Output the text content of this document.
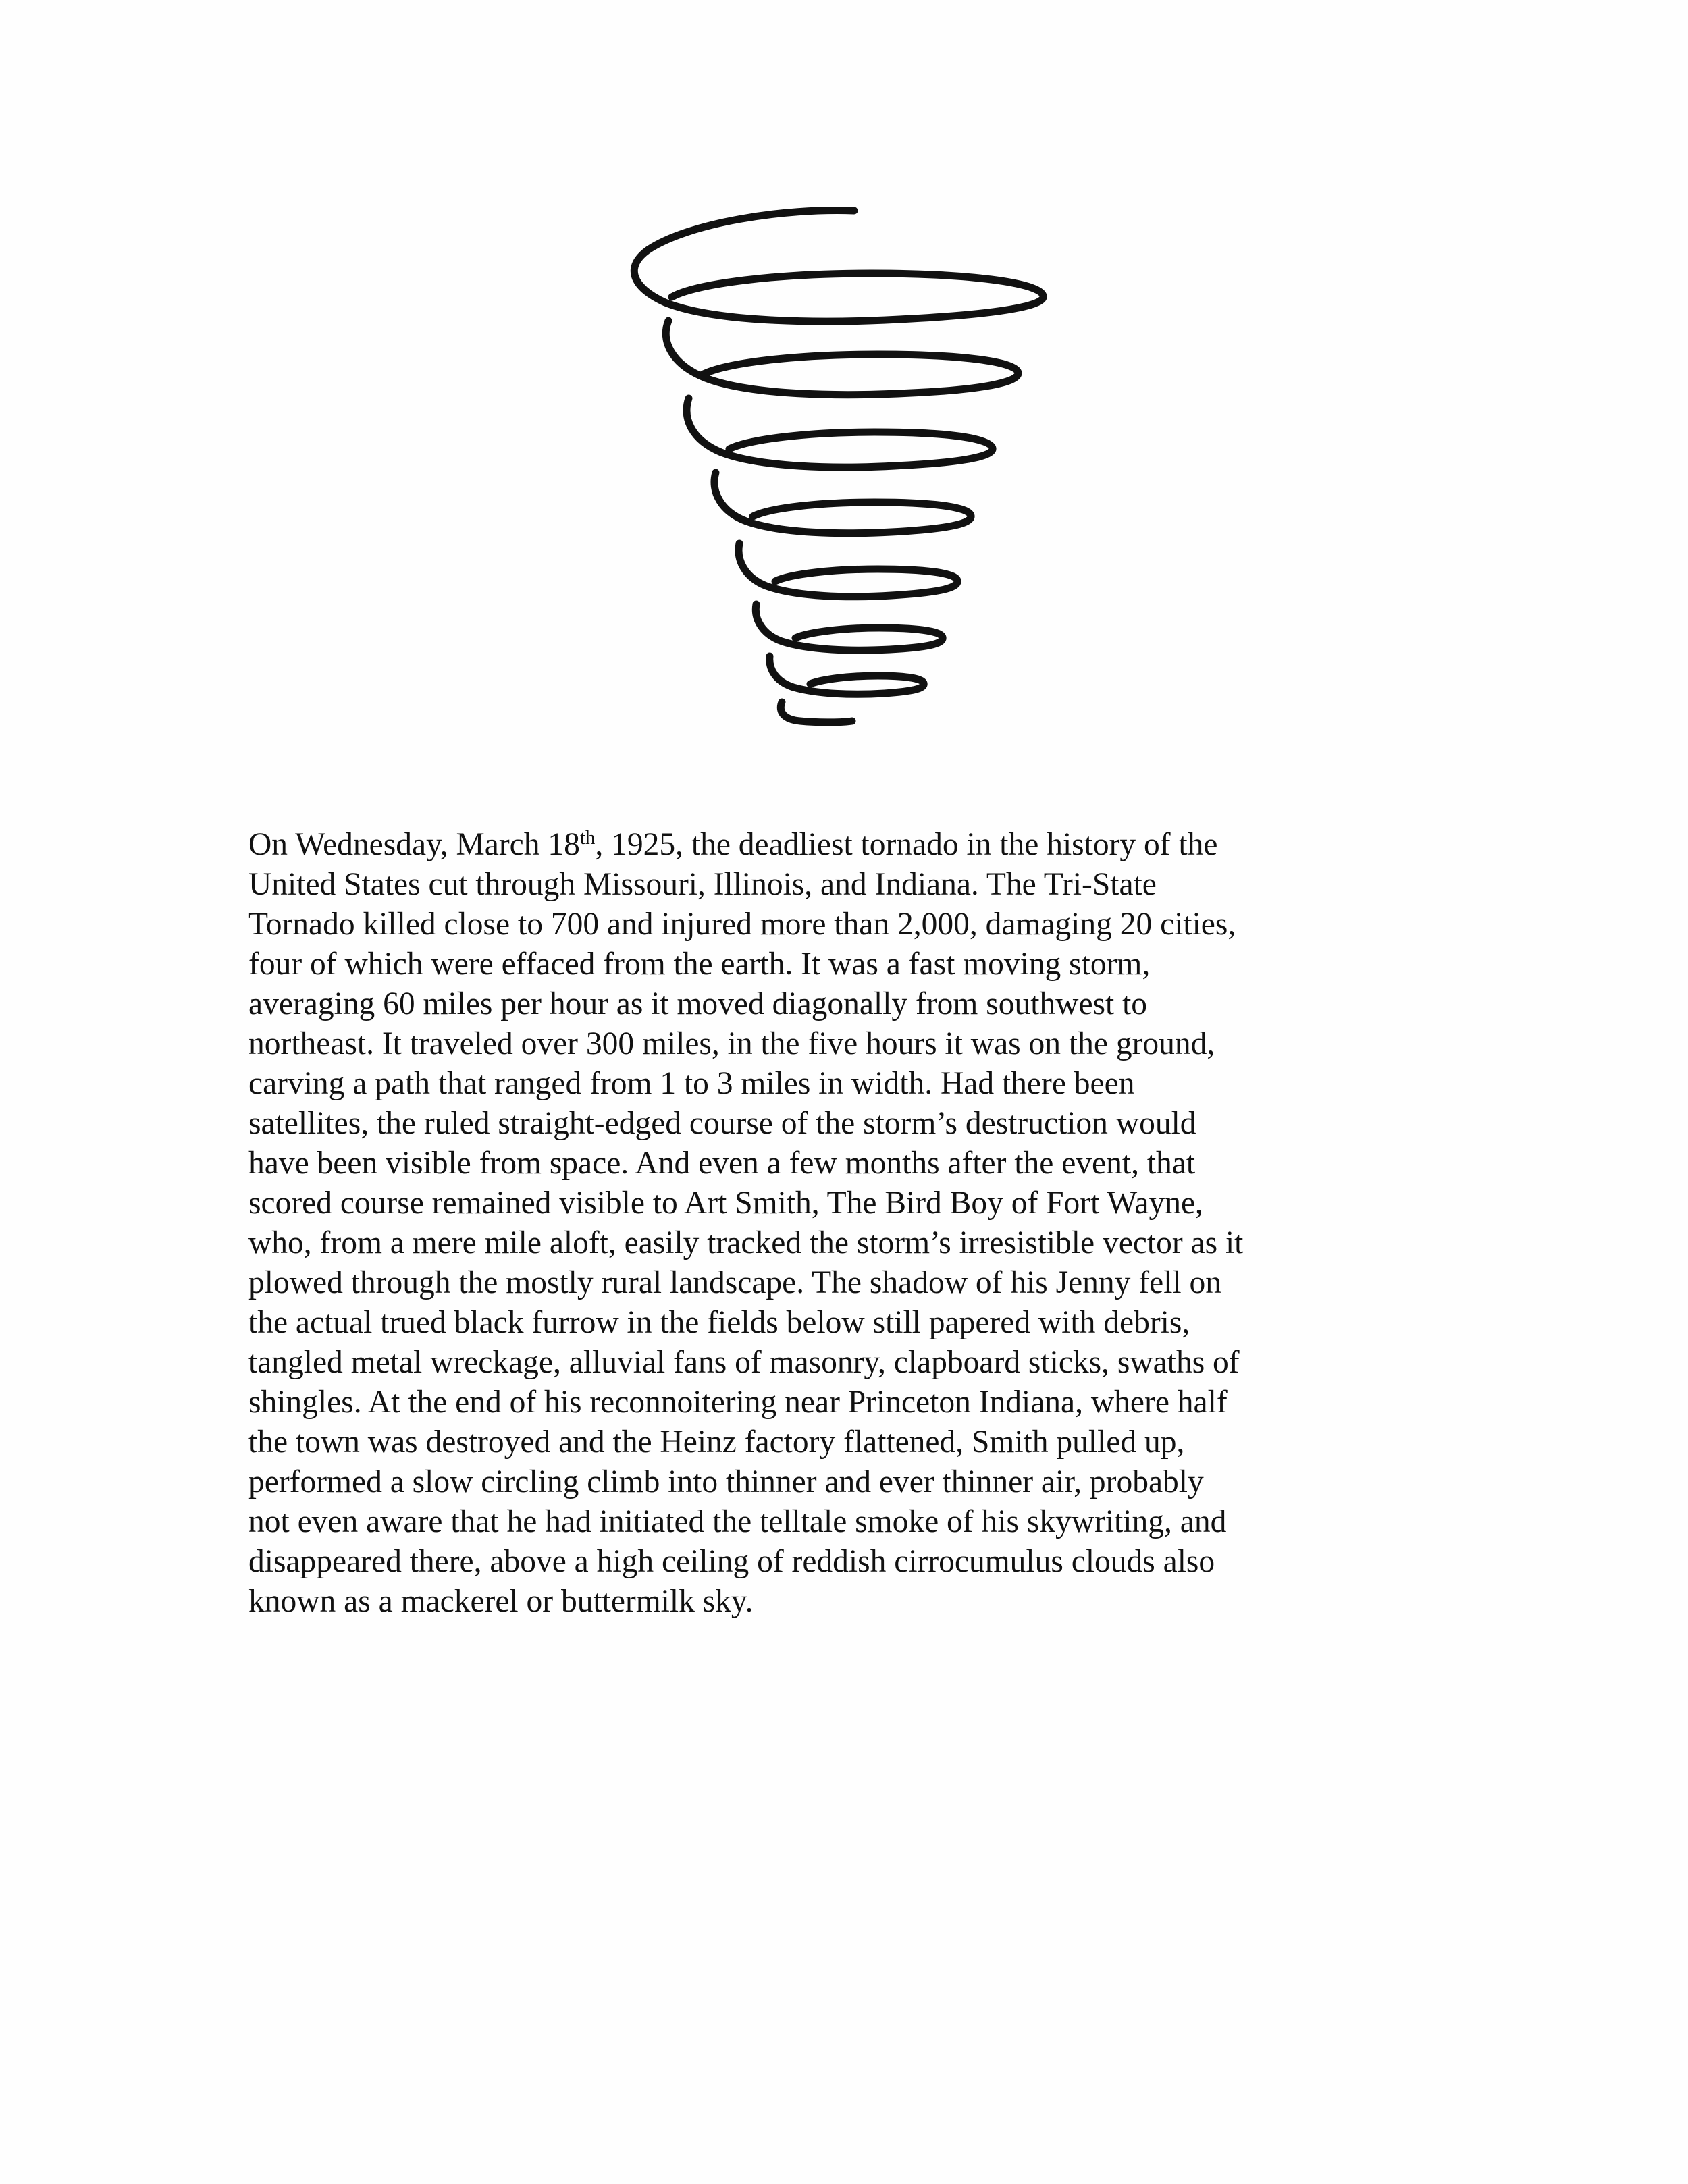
On Wednesday, March 18th, 1925, the deadliest tornado in the history of the
United States cut through Missouri, Illinois, and Indiana. The Tri-State
Tornado killed close to 700 and injured more than 2,000, damaging 20 cities,
four of which were effaced from the earth. It was a fast moving storm,
averaging 60 miles per hour as it moved diagonally from southwest to
northeast. It traveled over 300 miles, in the five hours it was on the ground,
carving a path that ranged from 1 to 3 miles in width. Had there been
satellites, the ruled straight-edged course of the storm’s destruction would
have been visible from space. And even a few months after the event, that
scored course remained visible to Art Smith, The Bird Boy of Fort Wayne,
who, from a mere mile aloft, easily tracked the storm’s irresistible vector as it
plowed through the mostly rural landscape. The shadow of his Jenny fell on
the actual trued black furrow in the fields below still papered with debris,
tangled metal wreckage, alluvial fans of masonry, clapboard sticks, swaths of
shingles. At the end of his reconnoitering near Princeton Indiana, where half
the town was destroyed and the Heinz factory flattened, Smith pulled up,
performed a slow circling climb into thinner and ever thinner air, probably
not even aware that he had initiated the telltale smoke of his skywriting, and
disappeared there, above a high ceiling of reddish cirrocumulus clouds also
known as a mackerel or buttermilk sky.
